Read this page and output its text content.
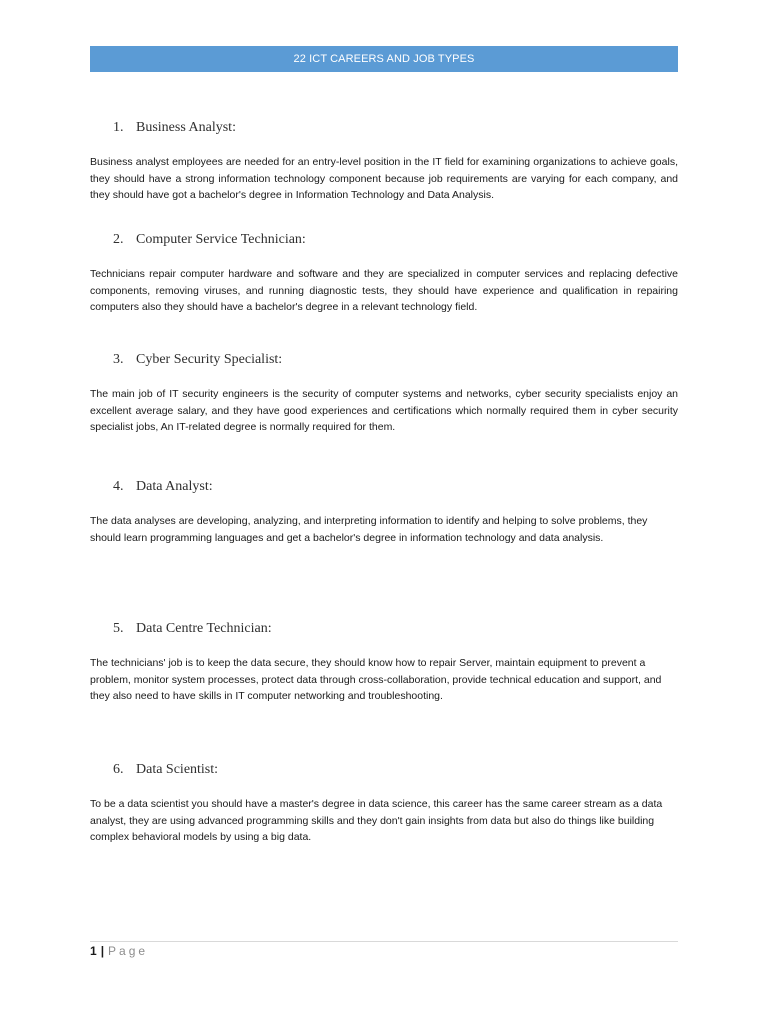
22 ICT CAREERS AND JOB TYPES
1. Business Analyst:
Business analyst employees are needed for an entry-level position in the IT field for examining organizations to achieve goals, they should have a strong information technology component because job requirements are varying for each company, and they should have got a bachelor's degree in Information Technology and Data Analysis.
2. Computer Service Technician:
Technicians repair computer hardware and software and they are specialized in computer services and replacing defective components, removing viruses, and running diagnostic tests, they should have experience and qualification in repairing computers also they should have a bachelor's degree in a relevant technology field.
3. Cyber Security Specialist:
The main job of IT security engineers is the security of computer systems and networks, cyber security specialists enjoy an excellent average salary, and they have good experiences and certifications which normally required them in cyber security specialist jobs, An IT-related degree is normally required for them.
4. Data Analyst:
The data analyses are developing, analyzing, and interpreting information to identify and helping to solve problems, they should learn programming languages and get a bachelor's degree in information technology and data analysis.
5. Data Centre Technician:
The technicians' job is to keep the data secure, they should know how to repair Server, maintain equipment to prevent a problem, monitor system processes, protect data through cross-collaboration, provide technical education and support, and they also need to have skills in IT computer networking and troubleshooting.
6. Data Scientist:
To be a data scientist you should have a master's degree in data science, this career has the same career stream as a data analyst, they are using advanced programming skills and they don't gain insights from data but also do things like building complex behavioral models by using a big data.
1 | Page
